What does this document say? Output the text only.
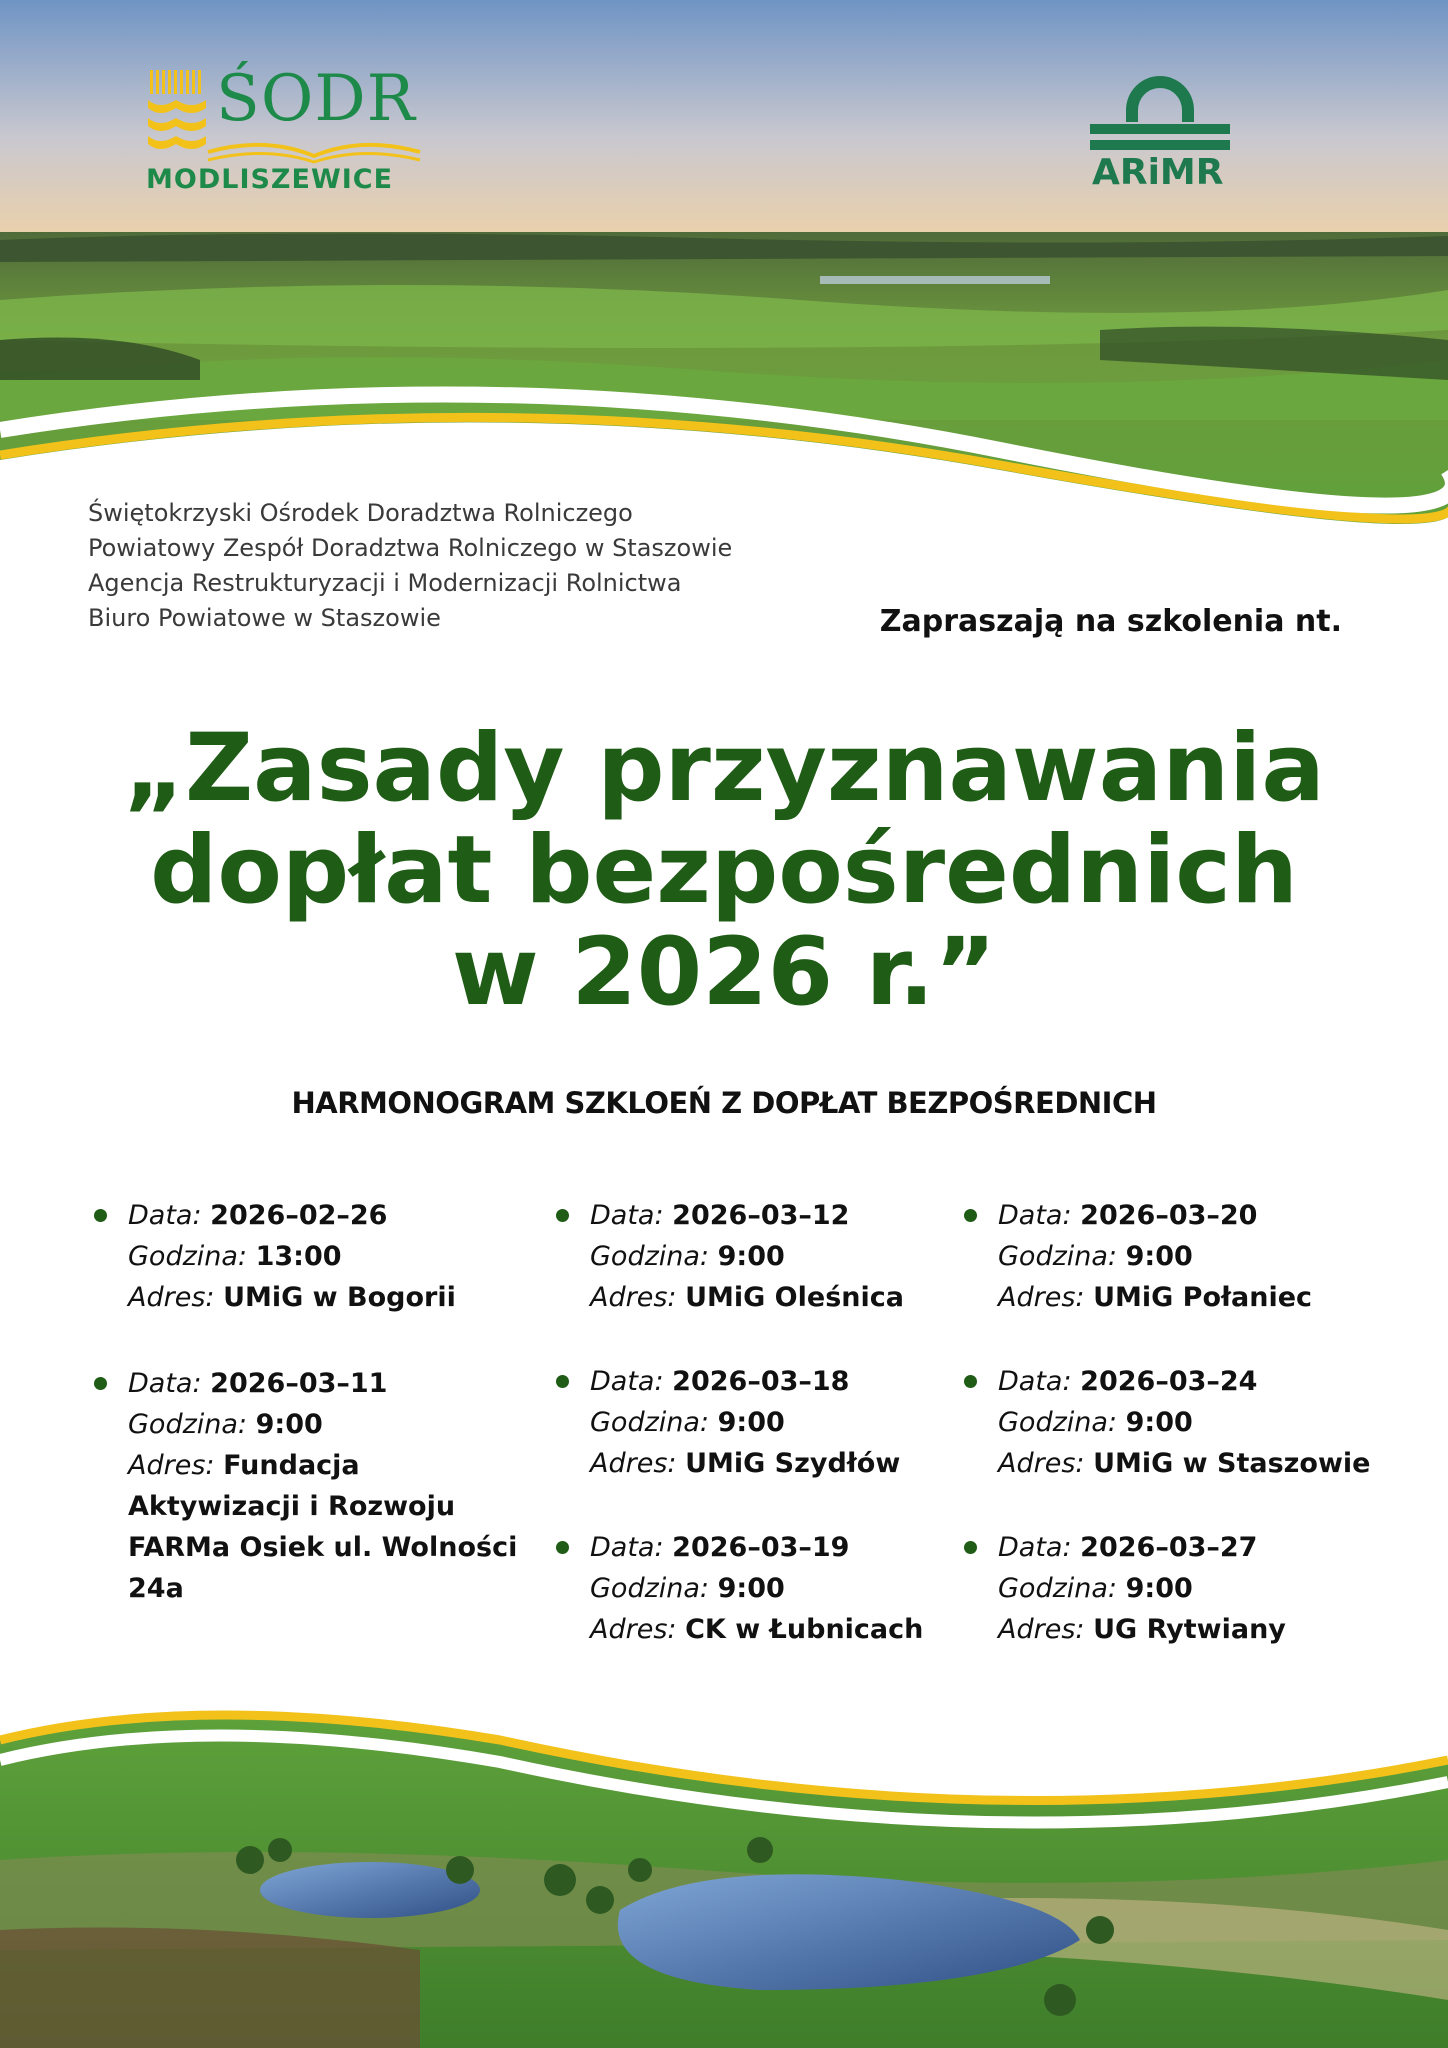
ŚODR
MODLISZEWICE	ARiMR
Świętokrzyski Ośrodek Doradztwa Rolniczego
Powiatowy Zespół Doradztwa Rolniczego w Staszowie
Agencja Restrukturyzacji i Modernizacji Rolnictwa
Biuro Powiatowe w Staszowie	Zapraszają na szkolenia nt.
„Zasady przyznawania
dopłat bezpośrednich
w 2026 r.”
HARMONOGRAM SZKLOEŃ Z DOPŁAT BEZPOŚREDNICH
Data: 2026–02–26
Godzina: 13:00
Adres: UMiG w Bogorii
Data: 2026–03–11
Godzina: 9:00
Adres: Fundacja Aktywizacji i Rozwoju FARMa Osiek ul. Wolności 24a
Data: 2026–03–12
Godzina: 9:00
Adres: UMiG Oleśnica
Data: 2026–03–18
Godzina: 9:00
Adres: UMiG Szydłów
Data: 2026–03–19
Godzina: 9:00
Adres: CK w Łubnicach
Data: 2026–03–20
Godzina: 9:00
Adres: UMiG Połaniec
Data: 2026–03–24
Godzina: 9:00
Adres: UMiG w Staszowie
Data: 2026–03–27
Godzina: 9:00
Adres: UG Rytwiany
